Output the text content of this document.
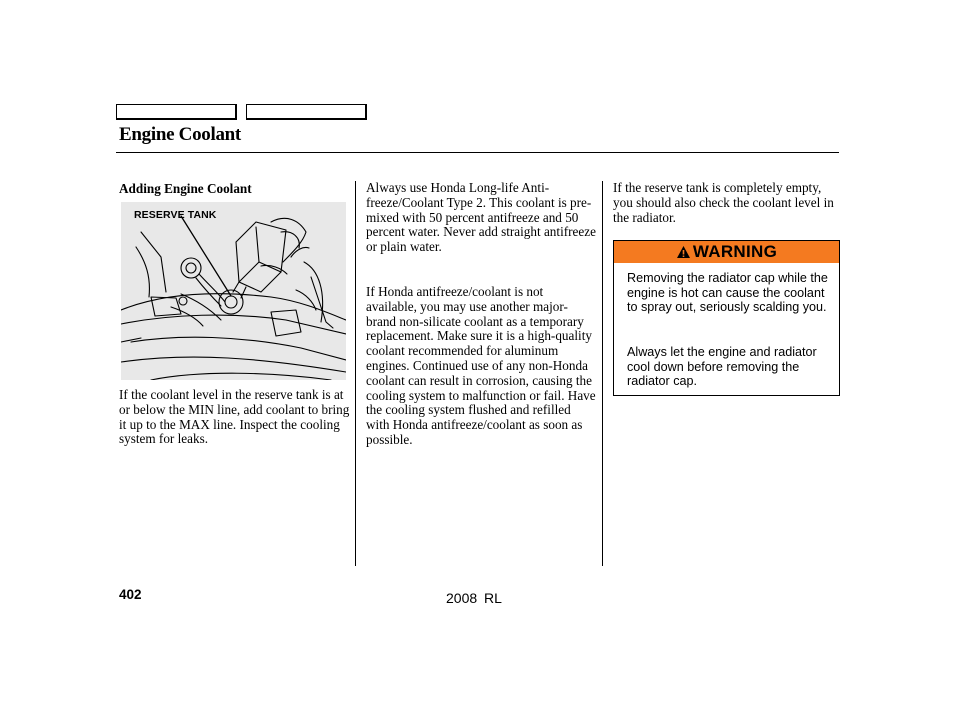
Engine Coolant
Adding Engine Coolant
RESERVE TANK

If the coolant level in the reserve tank is at or below the MIN line, add coolant to bring it up to the MAX line. Inspect the cooling system for leaks.

Always use Honda Long-life Anti-freeze/Coolant Type 2. This coolant is pre-mixed with 50 percent antifreeze and 50 percent water. Never add straight antifreeze or plain water.

If Honda antifreeze/coolant is not available, you may use another major-brand non-silicate coolant as a temporary replacement. Make sure it is a high-quality coolant recommended for aluminum engines. Continued use of any non-Honda coolant can result in corrosion, causing the cooling system to malfunction or fail. Have the cooling system flushed and refilled with Honda antifreeze/coolant as soon as possible.

If the reserve tank is completely empty, you should also check the coolant level in the radiator.

WARNING

Removing the radiator cap while the engine is hot can cause the coolant to spray out, seriously scalding you.

Always let the engine and radiator cool down before removing the radiator cap.

402	2008 RL
